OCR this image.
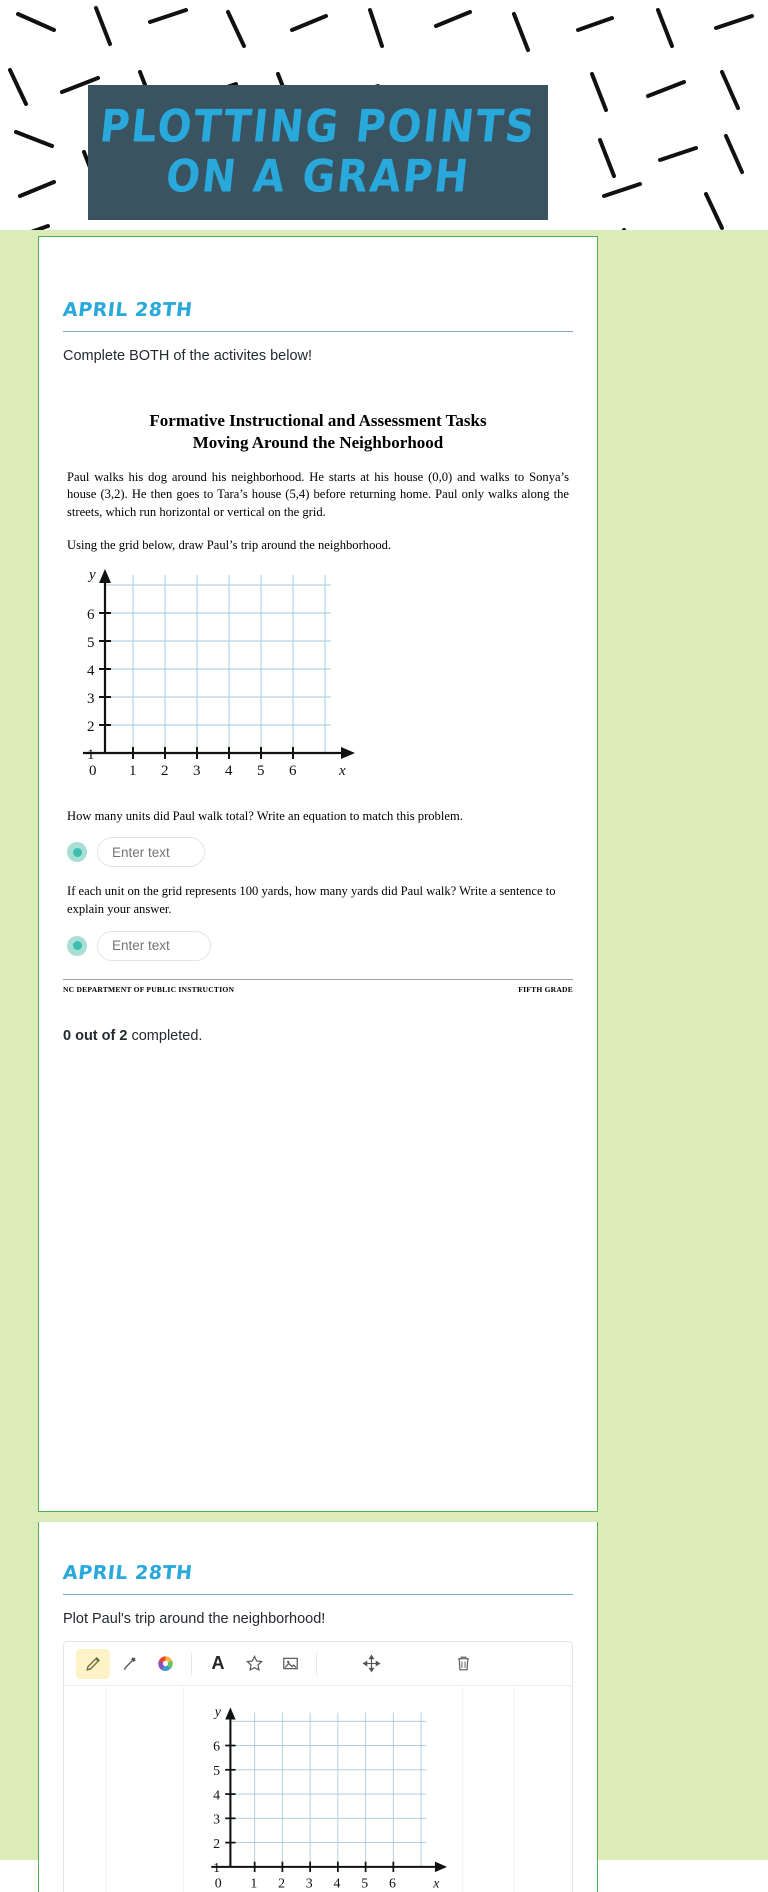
PLOTTING POINTS
ON A GRAPH
APRIL 28TH
Complete BOTH of the activites below!
Formative Instructional and Assessment Tasks
Moving Around the Neighborhood
Paul walks his dog around his neighborhood. He starts at his house (0,0) and walks to Sonya’s house (3,2). He then goes to Tara’s house (5,4) before returning home. Paul only walks along the streets, which run horizontal or vertical on the grid.
Using the grid below, draw Paul’s trip around the neighborhood.
6
5
4
3
2
1
0 1 2 3 4 5 6
y
x
How many units did Paul walk total? Write an equation to match this problem.
Enter text
If each unit on the grid represents 100 yards, how many yards did Paul walk? Write a sentence to explain your answer.
Enter text
NC DEPARTMENT OF PUBLIC INSTRUCTION	FIFTH GRADE
0 out of 2 completed.
APRIL 28TH
Plot Paul's trip around the neighborhood!
A
6
5
4
3
2
1
0 1 2 3 4 5 6
y
x
